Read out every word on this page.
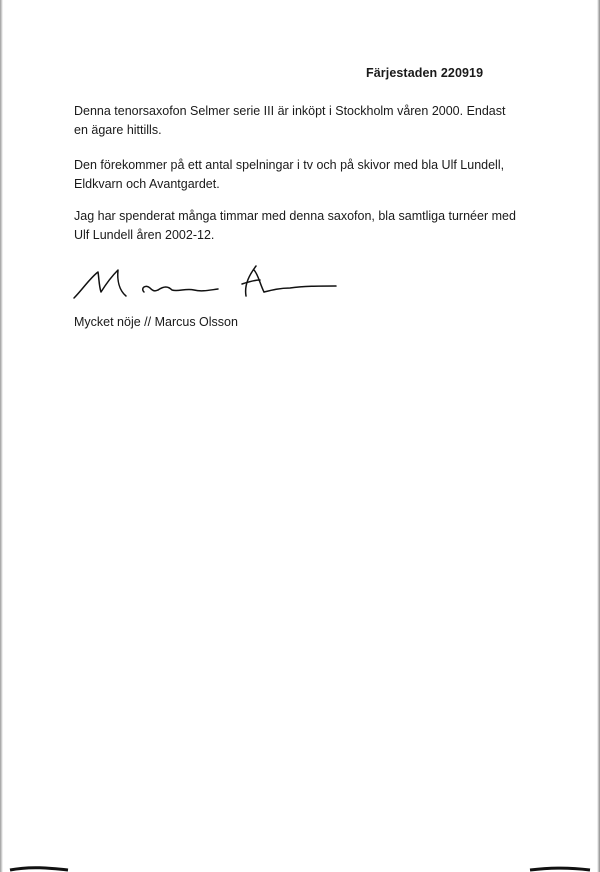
Färjestaden 220919

Denna tenorsaxofon Selmer serie III är inköpt i Stockholm våren 2000. Endast
en ägare hittills.

Den förekommer på ett antal spelningar i tv och på skivor med bla Ulf Lundell,
Eldkvarn och Avantgardet.

Jag har spenderat många timmar med denna saxofon, bla samtliga turnéer med
Ulf Lundell åren 2002-12.

Mycket nöje // Marcus Olsson
